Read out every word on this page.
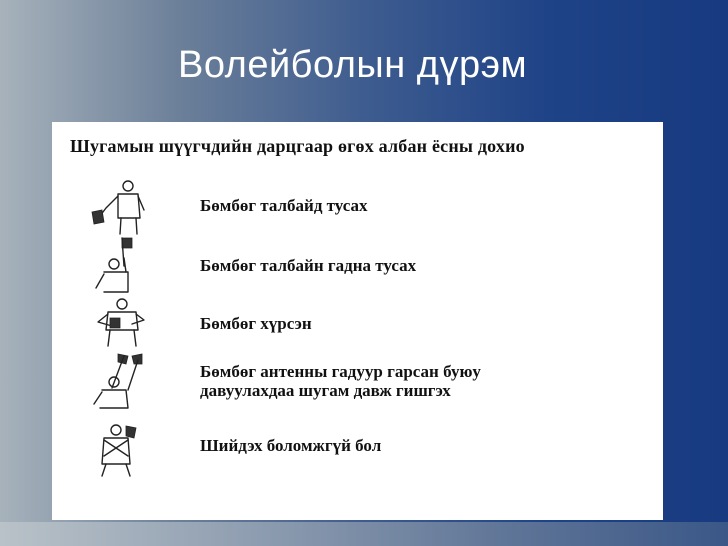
Волейболын дүрэм
Шугамын шүүгчдийн дарцгаар өгөх албан ёсны дохио
Бөмбөг талбайд тусах
Бөмбөг талбайн гадна тусах
Бөмбөг хүрсэн
Бөмбөг антенны гадуур гарсан буюу
давуулахдаа шугам давж гишгэх
Шийдэх боломжгүй бол
